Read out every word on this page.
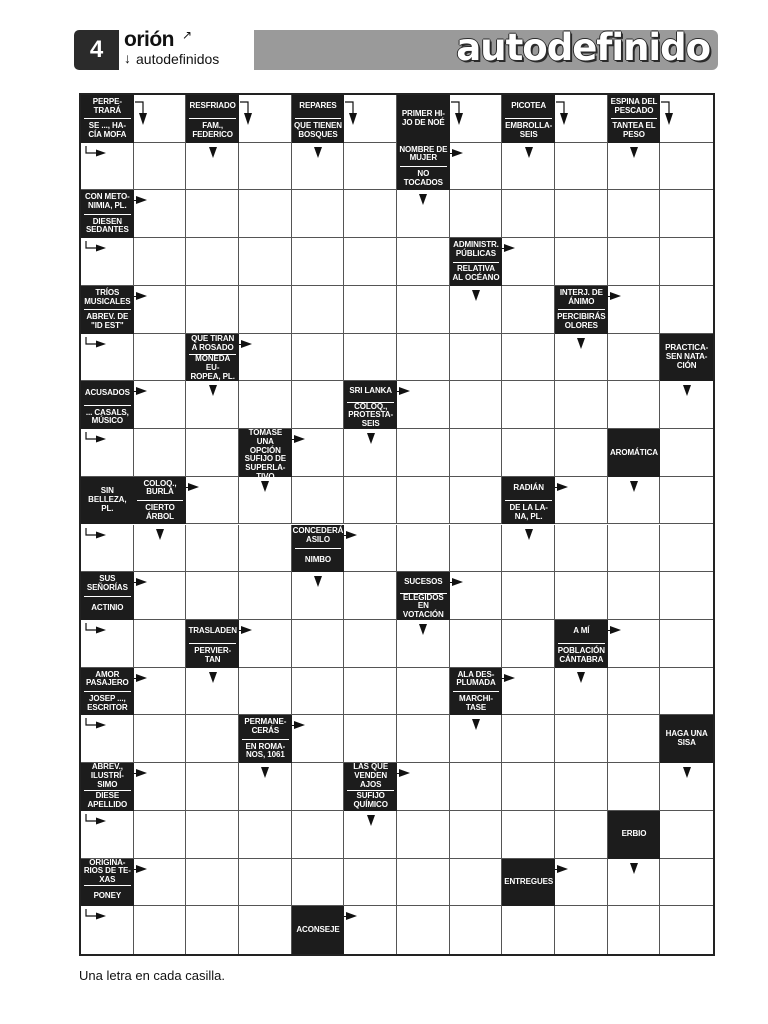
4 orión ↗
↓ autodefinidos	autodefinido
PERPE-
TRARÁ
SE ..., HA-
CÍA MOFA
RESFRIADO
FAM.,
FEDERICO
REPARES
QUE TIENEN
BOSQUES
PRIMER HI-
JO DE NOÉ
PICOTEA
EMBROLLA-
SEIS
ESPINA DEL
PESCADO
TANTEA EL
PESO
NOMBRE DE
MUJER
NO
TOCADOS
CON METO-
NIMIA, PL.
DIESEN
SEDANTES
ADMINISTR.
PÚBLICAS
RELATIVA
AL OCÉANO
TRÍOS
MUSICALES
ABREV. DE
"ID EST"
INTERJ. DE
ÁNIMO
PERCIBIRÁS
OLORES
QUE TIRAN
A ROSADO
MONEDA EU-
ROPEA, PL.
PRACTICA-
SEN NATA-
CIÓN
ACUSADOS
... CASALS,
MÚSICO
SRI LANKA
COLOQ.,
PROTESTA-
SEIS
TOMASE
UNA OPCIÓN
SUFIJO DE
SUPERLA-
TIVO
AROMÁTICA
SIN
BELLEZA,
PL.
COLOQ.,
BURLA
CIERTO
ÁRBOL
RADIÁN
DE LA LA-
NA, PL.
CONCEDERÁ
ASILO
NIMBO
SUS
SEÑORÍAS
ACTINIO
SUCESOS
ELEGIDOS
EN
VOTACIÓN
TRASLADEN
PERVIER-
TAN
A MÍ
POBLACIÓN
CÁNTABRA
AMOR
PASAJERO
JOSEP ...,
ESCRITOR
ALA DES-
PLUMADA
MARCHI-
TASE
PERMANE-
CERÁS
EN ROMA-
NOS, 1061
HAGA UNA
SISA
ABREV.,
ILUSTRÍ-
SIMO
DIESE
APELLIDO
LAS QUE
VENDEN
AJOS
SUFIJO
QUÍMICO
ERBIO
ORIGINA-
RIOS DE TE-
XAS
PONEY
ENTREGUES
ACONSEJE
Una letra en cada casilla.
